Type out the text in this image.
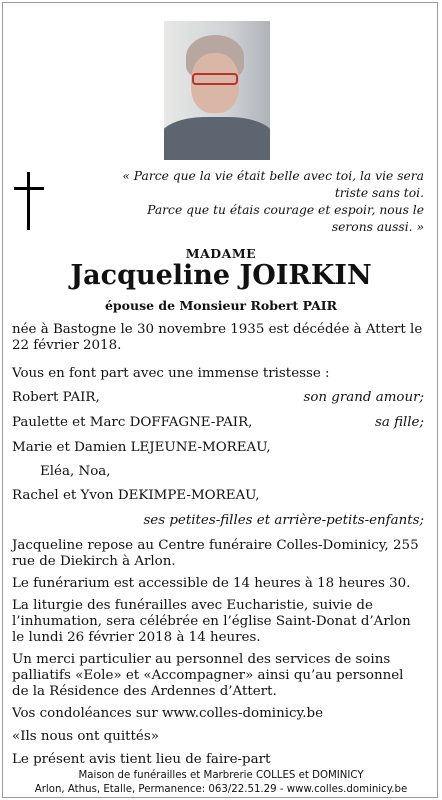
« Parce que la vie était belle avec toi, la vie sera triste sans toi.

Parce que tu étais courage et espoir, nous le serons aussi. »

MADAME
Jacqueline JOIRKIN
épouse de Monsieur Robert PAIR
née à Bastogne le 30 novembre 1935 est décédée à Attert le 22 février 2018.
Vous en font part avec une immense tristesse :
Robert PAIR,	son grand amour;
Paulette et Marc DOFFAGNE-PAIR,	sa fille;
Marie et Damien LEJEUNE-MOREAU,
Eléa, Noa,
Rachel et Yvon DEKIMPE-MOREAU,
ses petites-filles et arrière-petits-enfants;
Jacqueline repose au Centre funéraire Colles-Dominicy, 255 rue de Diekirch à Arlon.
Le funérarium est accessible de 14 heures à 18 heures 30.
La liturgie des funérailles avec Eucharistie, suivie de l’inhumation, sera célébrée en l’église Saint-Donat d’Arlon le lundi 26 février 2018 à 14 heures.
Un merci particulier au personnel des services de soins palliatifs «Eole» et «Accompagner» ainsi qu’au personnel de la Résidence des Ardennes d’Attert.
Vos condoléances sur www.colles-dominicy.be
«Ils nous ont quittés»
Le présent avis tient lieu de faire-part
Maison de funérailles et Marbrerie COLLES et DOMINICY
Arlon, Athus, Etalle, Permanence: 063/22.51.29 - www.colles.dominicy.be
